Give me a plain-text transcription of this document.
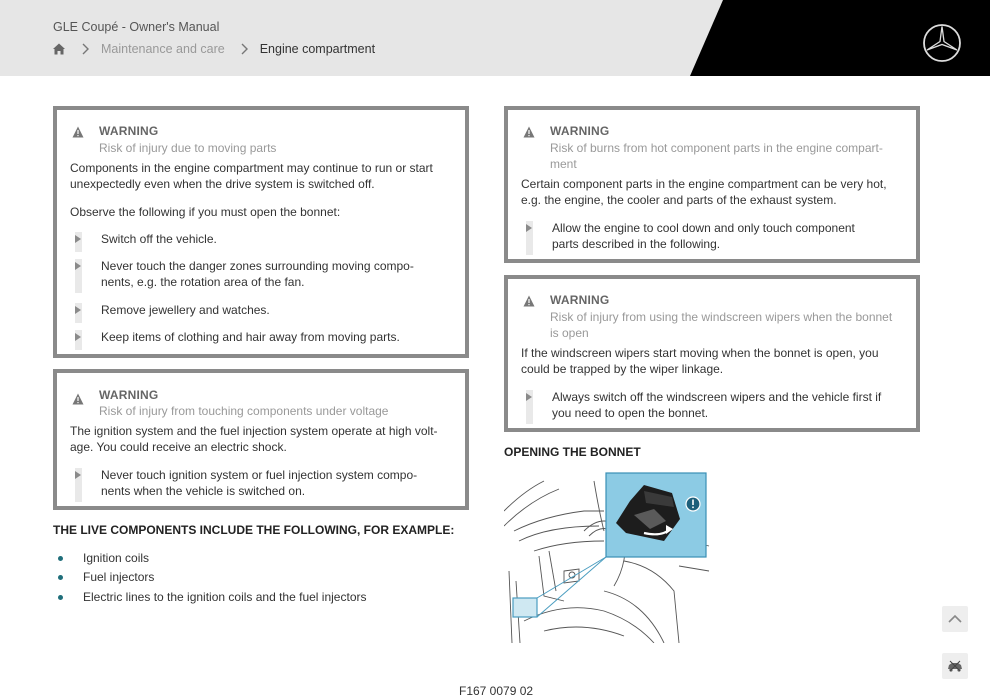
GLE Coupé - Owner's Manual
Maintenance and care	Engine compartment
WARNING
Risk of injury due to moving parts
Components in the engine compartment may continue to run or start
unexpectedly even when the drive system is switched off.
Observe the following if you must open the bonnet:
Switch off the vehicle.
Never touch the danger zones surrounding moving compo-
nents, e.g. the rotation area of the fan.
Remove jewellery and watches.
Keep items of clothing and hair away from moving parts.
WARNING
Risk of injury from touching components under voltage
The ignition system and the fuel injection system operate at high volt-
age. You could receive an electric shock.
Never touch ignition system or fuel injection system compo-
nents when the vehicle is switched on.
THE LIVE COMPONENTS INCLUDE THE FOLLOWING, FOR EXAMPLE:
Ignition coils
Fuel injectors
Electric lines to the ignition coils and the fuel injectors
WARNING
Risk of burns from hot component parts in the engine compart-
ment
Certain component parts in the engine compartment can be very hot,
e.g. the engine, the cooler and parts of the exhaust system.
Allow the engine to cool down and only touch component
parts described in the following.
WARNING
Risk of injury from using the windscreen wipers when the bonnet
is open
If the windscreen wipers start moving when the bonnet is open, you
could be trapped by the wiper linkage.
Always switch off the windscreen wipers and the vehicle first if
you need to open the bonnet.
OPENING THE BONNET
F167 0079 02
